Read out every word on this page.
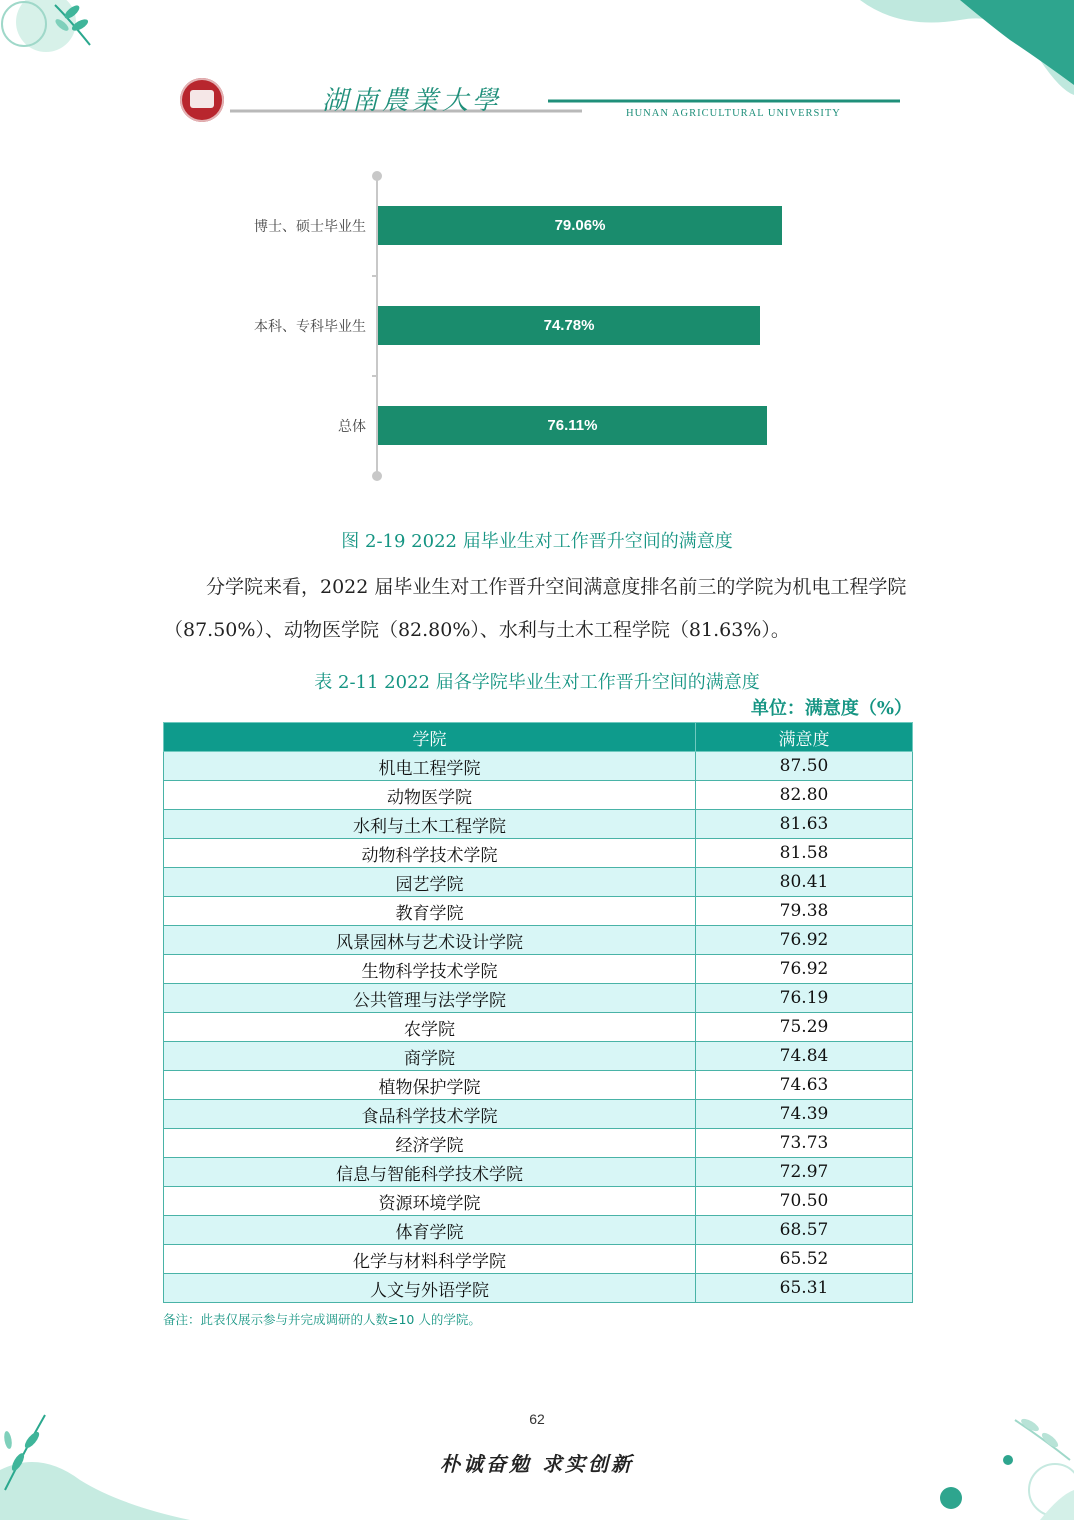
湖南農業大學	HUNAN AGRICULTURAL UNIVERSITY
博士、硕士毕业生
本科、专科毕业生
总体
79.06%
74.78%
76.11%
图 2-19 2022 届毕业生对工作晋升空间的满意度
分学院来看，2022 届毕业生对工作晋升空间满意度排名前三的学院为机电工程学院（87.50%）、动物医学院（82.80%）、水利与土木工程学院（81.63%）。
表 2-11 2022 届各学院毕业生对工作晋升空间的满意度
单位：满意度（%）
学院	满意度
机电工程学院	87.50
动物医学院	82.80
水利与土木工程学院	81.63
动物科学技术学院	81.58
园艺学院	80.41
教育学院	79.38
风景园林与艺术设计学院	76.92
生物科学技术学院	76.92
公共管理与法学学院	76.19
农学院	75.29
商学院	74.84
植物保护学院	74.63
食品科学技术学院	74.39
经济学院	73.73
信息与智能科学技术学院	72.97
资源环境学院	70.50
体育学院	68.57
化学与材料科学学院	65.52
人文与外语学院	65.31
备注：此表仅展示参与并完成调研的人数≥10 人的学院。
62
朴诚奋勉 求实创新
